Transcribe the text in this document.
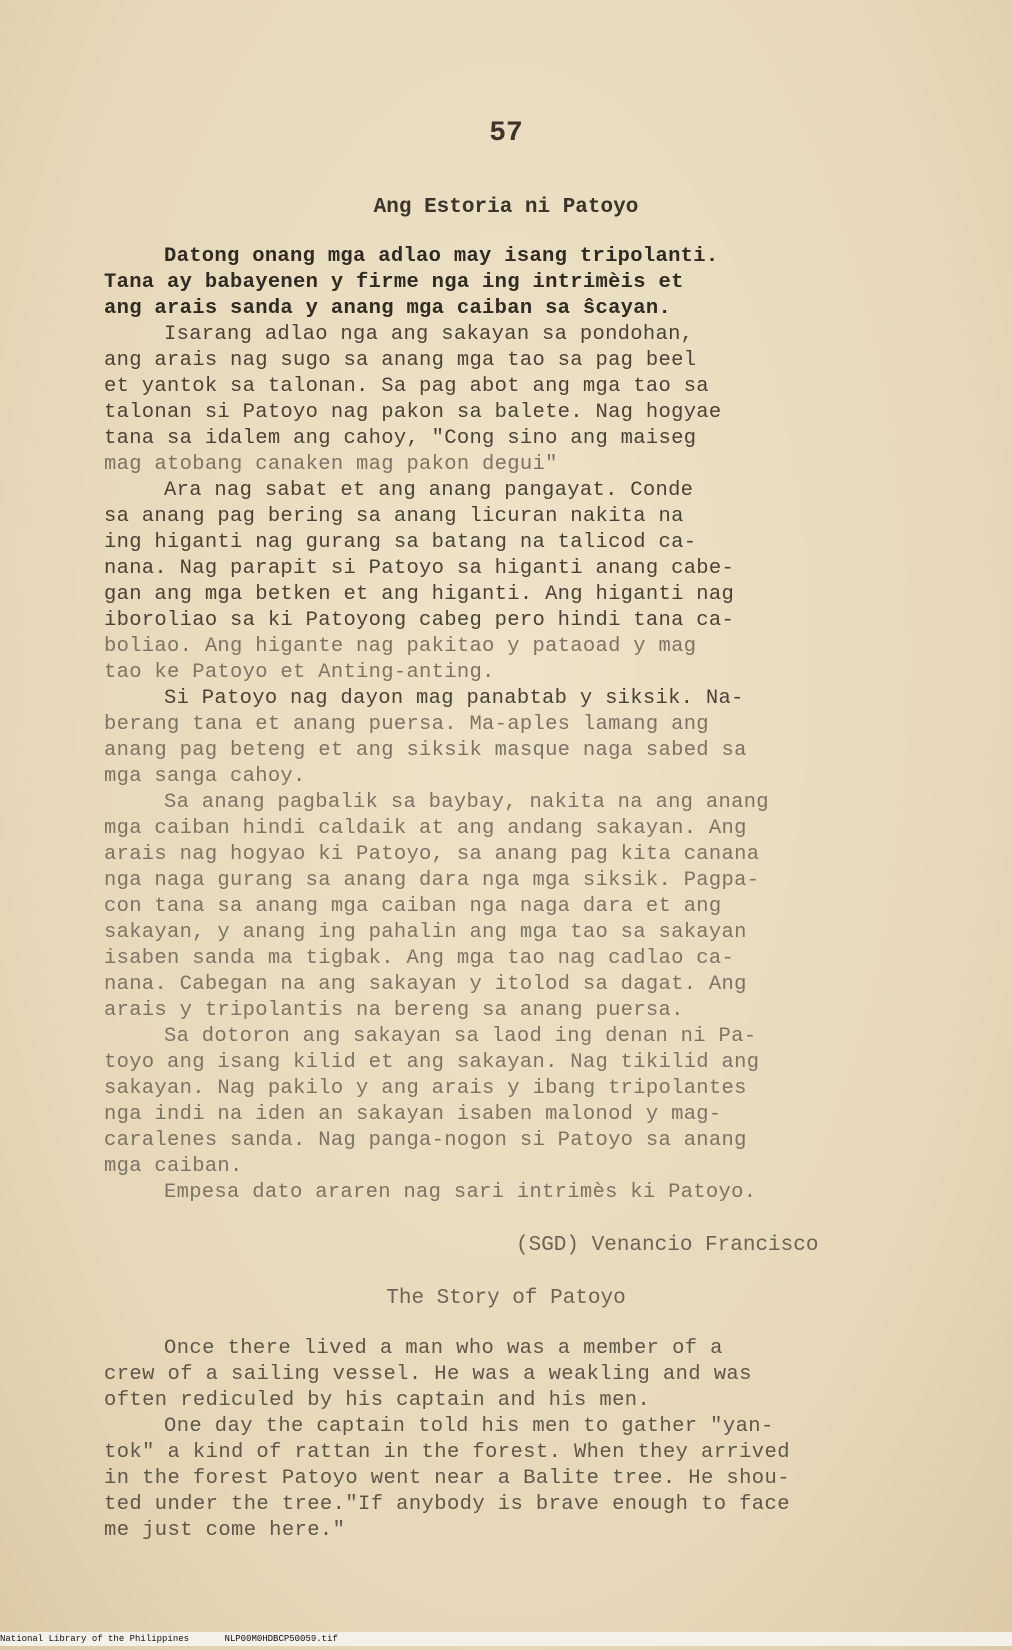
57
Ang Estoria ni Patoyo

Datong onang mga adlao may isang tripolanti.

Tana ay babayenen y firme nga ing intrimèis et

ang arais sanda y anang mga caiban sa ŝcayan.

Isarang adlao nga ang sakayan sa pondohan,

ang arais nag sugo sa anang mga tao sa pag beel

et yantok sa talonan. Sa pag abot ang mga tao sa

talonan si Patoyo nag pakon sa balete. Nag hogyae

tana sa idalem ang cahoy, "Cong sino ang maiseg

mag atobang canaken mag pakon degui"

Ara nag sabat et ang anang pangayat. Conde

sa anang pag bering sa anang licuran nakita na

ing higanti nag gurang sa batang na talicod ca-

nana. Nag parapit si Patoyo sa higanti anang cabe-

gan ang mga betken et ang higanti. Ang higanti nag

iboroliao sa ki Patoyong cabeg pero hindi tana ca-

boliao. Ang higante nag pakitao y pataoad y mag

tao ke Patoyo et Anting-anting.

Si Patoyo nag dayon mag panabtab y siksik. Na-

berang tana et anang puersa. Ma-aples lamang ang

anang pag beteng et ang siksik masque naga sabed sa

mga sanga cahoy.

Sa anang pagbalik sa baybay, nakita na ang anang

mga caiban hindi caldaik at ang andang sakayan. Ang

arais nag hogyao ki Patoyo, sa anang pag kita canana

nga naga gurang sa anang dara nga mga siksik. Pagpa-

con tana sa anang mga caiban nga naga dara et ang

sakayan, y anang ing pahalin ang mga tao sa sakayan

isaben sanda ma tigbak. Ang mga tao nag cadlao ca-

nana. Cabegan na ang sakayan y itolod sa dagat. Ang

arais y tripolantis na bereng sa anang puersa.

Sa dotoron ang sakayan sa laod ing denan ni Pa-

toyo ang isang kilid et ang sakayan. Nag tikilid ang

sakayan. Nag pakilo y ang arais y ibang tripolantes

nga indi na iden an sakayan isaben malonod y mag-

caralenes sanda. Nag panga-nogon si Patoyo sa anang

mga caiban.

Empesa dato araren nag sari intrimès ki Patoyo.

(SGD) Venancio Francisco
The Story of Patoyo

Once there lived a man who was a member of a

crew of a sailing vessel. He was a weakling and was

often rediculed by his captain and his men.

One day the captain told his men to gather "yan-

tok" a kind of rattan in the forest. When they arrived

in the forest Patoyo went near a Balite tree. He shou-

ted under the tree."If anybody is brave enough to face

me just come here."

National Library of the Philippines	NLP00M0HDBCP50059.tif
